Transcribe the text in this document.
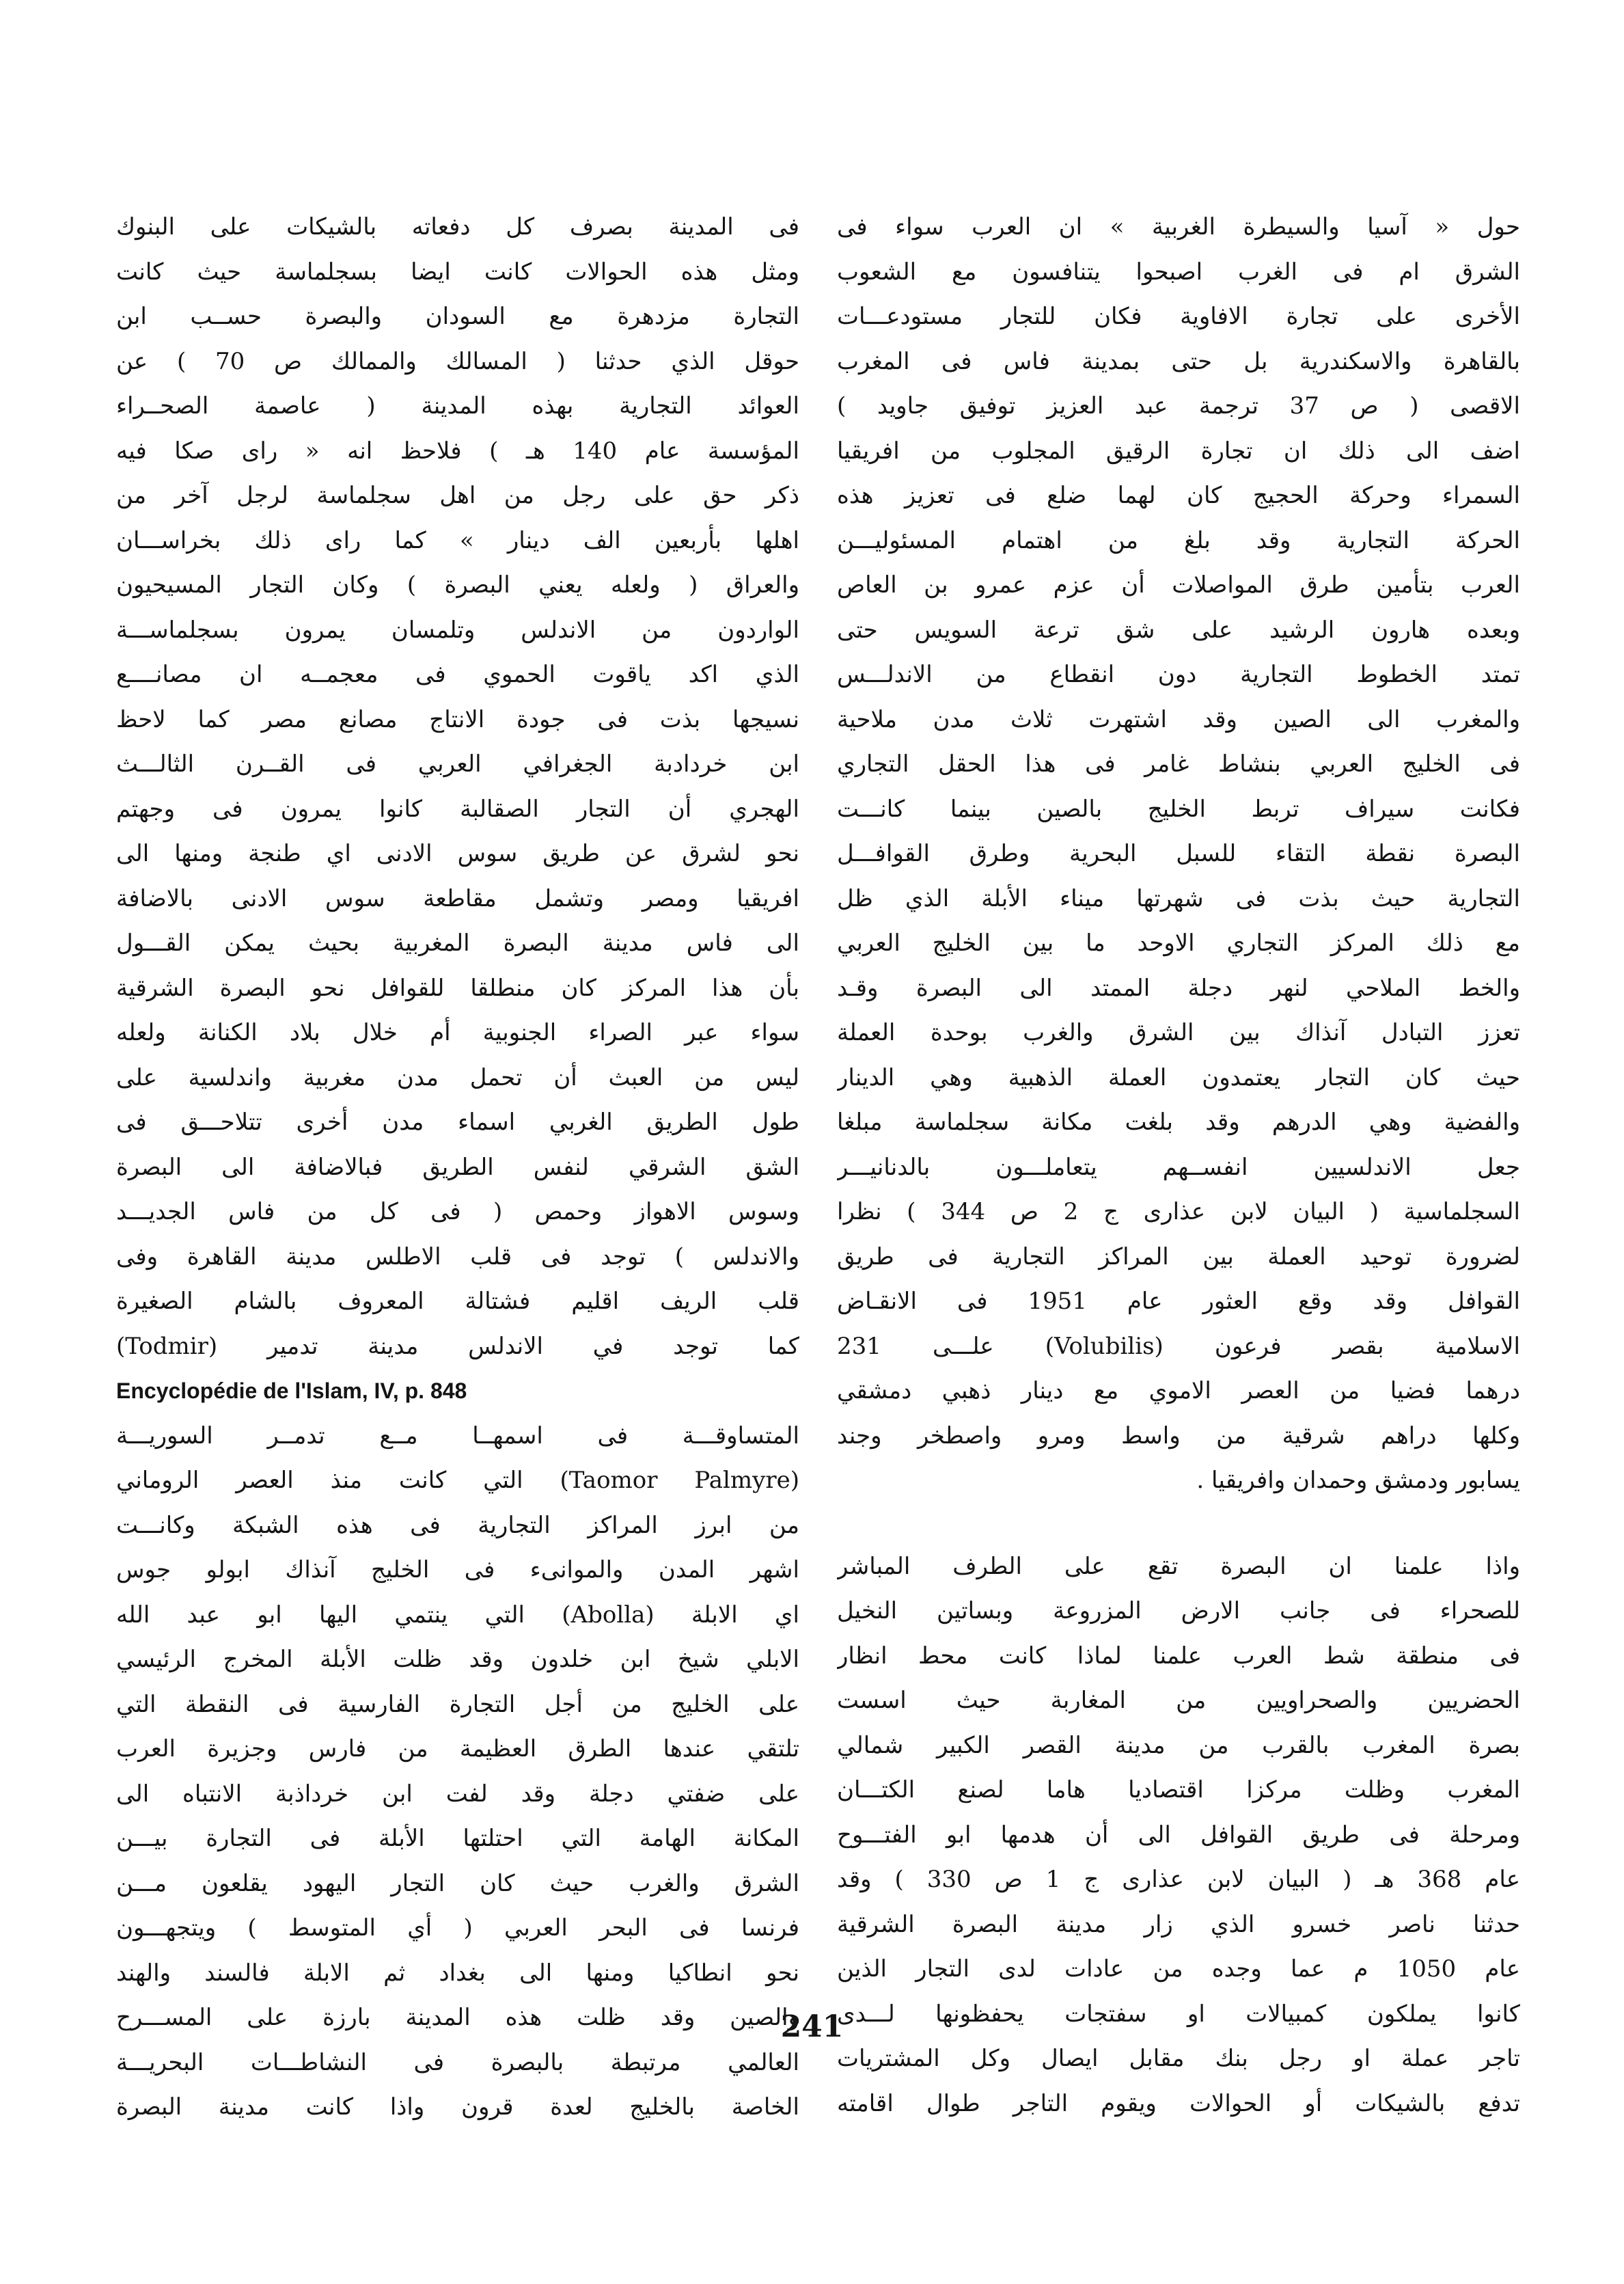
حول « آسيا والسيطرة الغربية » ان العرب سواء فى
الشرق ام فى الغرب اصبحوا يتنافسون مع الشعوب
الأخرى على تجارة الافاوية فكان للتجار مستودعـــات
بالقاهرة والاسكندرية بل حتى بمدينة فاس فى المغرب
الاقصى ( ص 37 ترجمة عبد العزيز توفيق جاويد )
اضف الى ذلك ان تجارة الرقيق المجلوب من افريقيا
السمراء وحركة الحجيج كان لهما ضلع فى تعزيز هذه
الحركة التجارية وقد بلغ من اهتمام المسئوليـــن
العرب بتأمين طرق المواصلات أن عزم عمرو بن العاص
وبعده هارون الرشيد على شق ترعة السويس حتى
تمتد الخطوط التجارية دون انقطاع من الاندلـــس
والمغرب الى الصين وقد اشتهرت ثلاث مدن ملاحية
فى الخليج العربي بنشاط غامر فى هذا الحقل التجاري
فكانت سيراف تربط الخليج بالصين بينما كانـــت
البصرة نقطة التقاء للسبل البحرية وطرق القوافـــل
التجارية حيث بذت فى شهرتها ميناء الأبلة الذي ظل
مع ذلك المركز التجاري الاوحد ما بين الخليج العربي
والخط الملاحي لنهر دجلة الممتد الى البصرة وقـد
تعزز التبادل آنذاك بين الشرق والغرب بوحدة العملة
حيث كان التجار يعتمدون العملة الذهبية وهي الدينار
والفضية وهي الدرهم وقد بلغت مكانة سجلماسة مبلغا
جعل الاندلسيين انفســهم يتعاملـــون بالدنانيـــر
السجلماسية ( البيان لابن عذارى ج 2 ص 344 ) نظرا
لضرورة توحيد العملة بين المراكز التجارية فى طريق
القوافل وقد وقع العثور عام 1951 فى الانقـاض
الاسلامية بقصر فرعون (Volubilis) علـــى 231
درهما فضيا من العصر الاموي مع دينار ذهبي دمشقي
وكلها دراهم شرقية من واسط ومرو واصطخر وجند
يسابور ودمشق وحمدان وافريقيا .
واذا علمنا ان البصرة تقع على الطرف المباشر
للصحراء فى جانب الارض المزروعة وبساتين النخيل
فى منطقة شط العرب علمنا لماذا كانت محط انظار
الحضريين والصحراويين من المغاربة حيث اسست
بصرة المغرب بالقرب من مدينة القصر الكبير شمالي
المغرب وظلت مركزا اقتصاديا هاما لصنع الكتـــان
ومرحلة فى طريق القوافل الى أن هدمها ابو الفتـــوح
عام 368 هـ ( البيان لابن عذارى ج 1 ص 330 ) وقد
حدثنا ناصر خسرو الذي زار مدينة البصرة الشرقية
عام 1050 م عما وجده من عادات لدى التجار الذين
كانوا يملكون كمبيالات او سفتجات يحفظونها لـــدى
تاجر عملة او رجل بنك مقابل ايصال وكل المشتريات
تدفع بالشيكات أو الحوالات ويقوم التاجر طوال اقامته
فى المدينة بصرف كل دفعاته بالشيكات على البنوك
ومثل هذه الحوالات كانت ايضا بسجلماسة حيث كانت
التجارة مزدهرة مع السودان والبصرة حســب ابن
حوقل الذي حدثنا ( المسالك والممالك ص 70 ) عن
العوائد التجارية بهذه المدينة ( عاصمة الصحــراء
المؤسسة عام 140 هـ ) فلاحظ انه « راى صكا فيه
ذكر حق على رجل من اهل سجلماسة لرجل آخر من
اهلها بأربعين الف دينار » كما راى ذلك بخراســـان
والعراق ( ولعله يعني البصرة ) وكان التجار المسيحيون
الواردون من الاندلس وتلمسان يمرون بسجلماســـة
الذي اكد ياقوت الحموي فى معجمــه ان مصانــــع
نسيجها بذت فى جودة الانتاج مصانع مصر كما لاحظ
ابن خردادبة الجغرافي العربي فى القــرن الثالـــث
الهجري أن التجار الصقالبة كانوا يمرون فى وجهتم
نحو لشرق عن طريق سوس الادنى اي طنجة ومنها الى
افريقيا ومصر وتشمل مقاطعة سوس الادنى بالاضافة
الى فاس مدينة البصرة المغربية بحيث يمكن القـــول
بأن هذا المركز كان منطلقا للقوافل نحو البصرة الشرقية
سواء عبر الصراء الجنوبية أم خلال بلاد الكنانة ولعله
ليس من العبث أن تحمل مدن مغربية واندلسية على
طول الطريق الغربي اسماء مدن أخرى تتلاحـــق فى
الشق الشرقي لنفس الطريق فبالاضافة الى البصرة
وسوس الاهواز وحمص ( فى كل من فاس الجديـــد
والاندلس ) توجد فى قلب الاطلس مدينة القاهرة وفى
قلب الريف اقليم فشتالة المعروف بالشام الصغيرة
كما توجد في الاندلس مدينة تدمير (Todmir)
Encyclopédie de l'Islam, IV, p. 848
المتساوقـــة فى اسمهــا مــع تدمــر السوريـــة
(Taomor Palmyre) التي كانت منذ العصر الروماني
من ابرز المراكز التجارية فى هذه الشبكة وكانـــت
اشهر المدن والموانىء فى الخليج آنذاك ابولو جوس
اي الابلة (Abolla) التي ينتمي اليها ابو عبد الله
الابلي شيخ ابن خلدون وقد ظلت الأبلة المخرج الرئيسي
على الخليج من أجل التجارة الفارسية فى النقطة التي
تلتقي عندها الطرق العظيمة من فارس وجزيرة العرب
على ضفتي دجلة وقد لفت ابن خرداذبة الانتباه الى
المكانة الهامة التي احتلتها الأبلة فى التجارة بيـــن
الشرق والغرب حيث كان التجار اليهود يقلعون مـــن
فرنسا فى البحر العربي ( أي المتوسط ) ويتجهـــون
نحو انطاكيا ومنها الى بغداد ثم الابلة فالسند والهند
والصين وقد ظلت هذه المدينة بارزة على المســـرح
العالمي مرتبطة بالبصرة فى النشاطـــات البحريـــة
الخاصة بالخليج لعدة قرون واذا كانت مدينة البصرة
241
